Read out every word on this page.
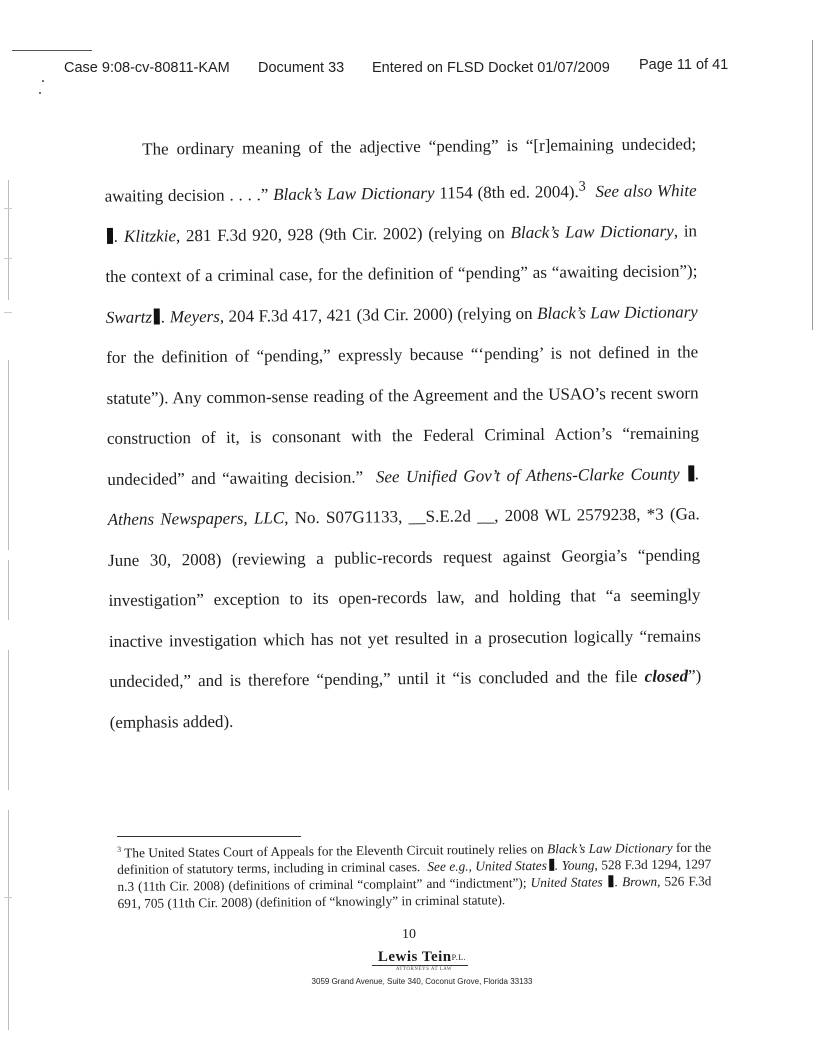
Case 9:08-cv-80811-KAM Document 33 Entered on FLSD Docket 01/07/2009 Page 11 of 41

The ordinary meaning of the adjective “pending” is “[r]emaining undecided; awaiting decision . . . .” Black’s Law Dictionary 1154 (8th ed. 2004).$^3$ See also White. Klitzkie, 281 F.3d 920, 928 (9th Cir. 2002) (relying on Black’s Law Dictionary, in the context of a criminal case, for the definition of “pending” as “awaiting decision”); Swartz . Meyers, 204 F.3d 417, 421 (3d Cir. 2000) (relying on Black’s Law Dictionary for the definition of “pending,” expressly because “‘pending’ is not defined in the statute”). Any common-sense reading of the Agreement and the USAO’s recent sworn construction of it, is consonant with the Federal Criminal Action’s “remaining undecided” and “awaiting decision.” See Unified Gov’t of Athens-Clarke County . Athens Newspapers, LLC, No. S07G1133, __S.E.2d __, 2008 WL 2579238, *3 (Ga. June 30, 2008) (reviewing a public-records request against Georgia’s “pending investigation” exception to its open-records law, and holding that “a seemingly inactive investigation which has not yet resulted in a prosecution logically “remains undecided,” and is therefore “pending,” until it “is concluded and the file closed”) (emphasis added).

$^3$ The United States Court of Appeals for the Eleventh Circuit routinely relies on Black’s Law Dictionary for the definition of statutory terms, including in criminal cases. See e.g., United States . Young, 528 F.3d 1294, 1297 n.3 (11th Cir. 2008) (definitions of criminal “complaint” and “indictment”); United States . Brown, 526 F.3d 691, 705 (11th Cir. 2008) (definition of “knowingly” in criminal statute).
10
Lewis TeinP.L.
ATTORNEYS AT LAW
3059 Grand Avenue, Suite 340, Coconut Grove, Florida 33133
